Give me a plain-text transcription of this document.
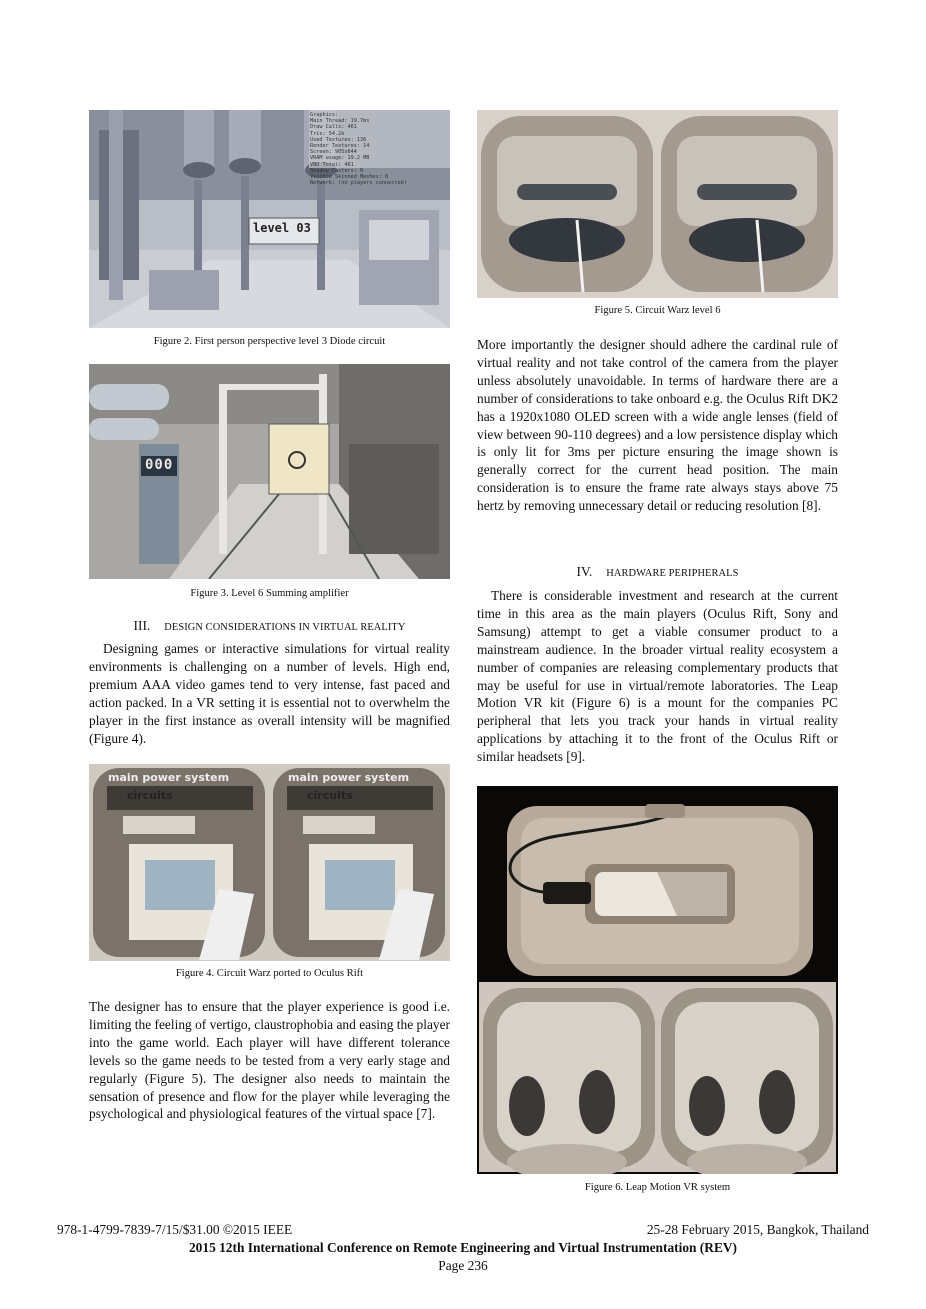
level 03
Graphics:
Main Thread: 19.7ms
Draw Calls: 461
Tris: 54.2k
Used Textures: 136
Render Textures: 14
Screen: 905x644
VRAM usage: 19.2 MB
VBO Total: 461
Shadow Casters: 0
Visible Skinned Meshes: 0
Network: (no players connected)
Figure 2. First person perspective level 3 Diode circuit
000
Figure 3. Level 6 Summing amplifier
III. DESIGN CONSIDERATIONS IN VIRTUAL REALITY

Designing games or interactive simulations for virtual reality environments is challenging on a number of levels. High end, premium AAA video games tend to very intense, fast paced and action packed. In a VR setting it is essential not to overwhelm the player in the first instance as overall intensity will be magnified (Figure 4).

main power system	main power system
circuits	circuits
Figure 4. Circuit Warz ported to Oculus Rift

The designer has to ensure that the player experience is good i.e. limiting the feeling of vertigo, claustrophobia and easing the player into the game world. Each player will have different tolerance levels so the game needs to be tested from a very early stage and regularly (Figure 5). The designer also needs to maintain the sensation of presence and flow for the player while leveraging the psychological and physiological features of the virtual space [7].

Figure 5. Circuit Warz level 6

More importantly the designer should adhere the cardinal rule of virtual reality and not take control of the camera from the player unless absolutely unavoidable. In terms of hardware there are a number of considerations to take onboard e.g. the Oculus Rift DK2 has a 1920x1080 OLED screen with a wide angle lenses (field of view between 90-110 degrees) and a low persistence display which is only lit for 3ms per picture ensuring the image shown is generally correct for the current head position. The main consideration is to ensure the frame rate always stays above 75 hertz by removing unnecessary detail or reducing resolution [8].

IV. HARDWARE PERIPHERALS

There is considerable investment and research at the current time in this area as the main players (Oculus Rift, Sony and Samsung) attempt to get a viable consumer product to a mainstream audience. In the broader virtual reality ecosystem a number of companies are releasing complementary products that may be useful for use in virtual/remote laboratories. The Leap Motion VR kit (Figure 6) is a mount for the companies PC peripheral that lets you track your hands in virtual reality applications by attaching it to the front of the Oculus Rift or similar headsets [9].

Figure 6. Leap Motion VR system
978-1-4799-7839-7/15/$31.00 ©2015 IEEE	25-28 February 2015, Bangkok, Thailand
2015 12th International Conference on Remote Engineering and Virtual Instrumentation (REV)
Page 236
